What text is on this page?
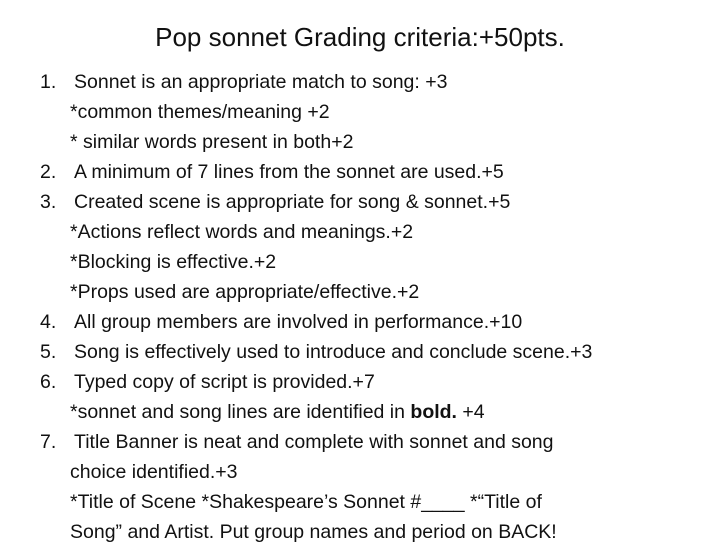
Pop sonnet Grading criteria:+50pts.
1. Sonnet is an appropriate match to song: +3
*common themes/meaning +2
* similar words present in both+2
2. A minimum of 7 lines from the sonnet are used.+5
3. Created scene is appropriate for song & sonnet.+5
*Actions reflect words and meanings.+2
*Blocking is effective.+2
*Props used are appropriate/effective.+2
4. All group members are involved in performance.+10
5. Song is effectively used to introduce and conclude scene.+3
6. Typed copy of script is provided.+7
*sonnet and song lines are identified in bold. +4
7. Title Banner is neat and complete with sonnet and song
choice identified.+3
*Title of Scene *Shakespeare’s Sonnet #____ *“Title of
Song” and Artist. Put group names and period on BACK!
